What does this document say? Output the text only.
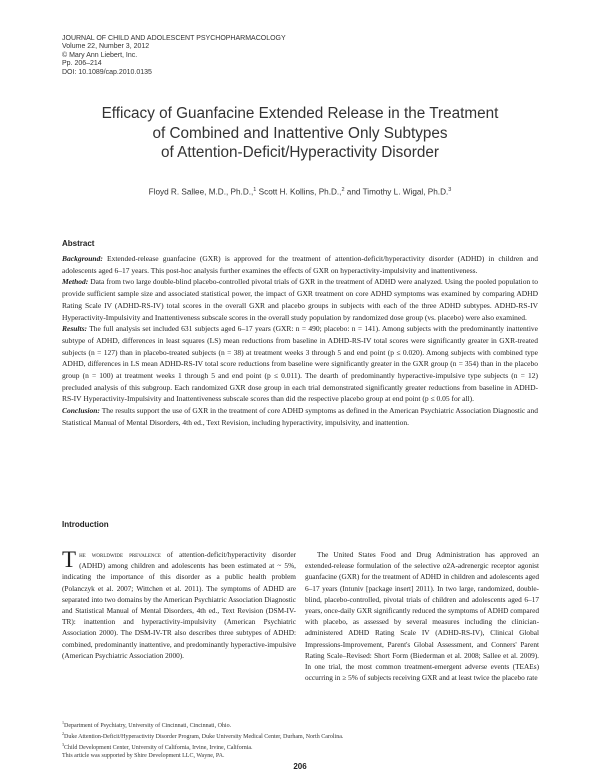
JOURNAL OF CHILD AND ADOLESCENT PSYCHOPHARMACOLOGY
Volume 22, Number 3, 2012
© Mary Ann Liebert, Inc.
Pp. 206–214
DOI: 10.1089/cap.2010.0135
Efficacy of Guanfacine Extended Release in the Treatment
of Combined and Inattentive Only Subtypes
of Attention-Deficit/Hyperactivity Disorder
Floyd R. Sallee, M.D., Ph.D.,$^1$ Scott H. Kollins, Ph.D.,$^2$ and Timothy L. Wigal, Ph.D.$^3$
Abstract

Background: Extended-release guanfacine (GXR) is approved for the treatment of attention-deficit/hyperactivity disorder (ADHD) in children and adolescents aged 6–17 years. This post-hoc analysis further examines the effects of GXR on hyperactivity-impulsivity and inattentiveness.

Method: Data from two large double-blind placebo-controlled pivotal trials of GXR in the treatment of ADHD were analyzed. Using the pooled population to provide sufficient sample size and associated statistical power, the impact of GXR treatment on core ADHD symptoms was examined by comparing ADHD Rating Scale IV (ADHD-RS-IV) total scores in the overall GXR and placebo groups in subjects with each of the three ADHD subtypes. ADHD-RS-IV Hyperactivity-Impulsivity and Inattentiveness subscale scores in the overall study population by randomized dose group (vs. placebo) were also examined.

Results: The full analysis set included 631 subjects aged 6–17 years (GXR: n = 490; placebo: n = 141). Among subjects with the predominantly inattentive subtype of ADHD, differences in least squares (LS) mean reductions from baseline in ADHD-RS-IV total scores were significantly greater in GXR-treated subjects (n = 127) than in placebo-treated subjects (n = 38) at treatment weeks 3 through 5 and end point (p ≤ 0.020). Among subjects with combined type ADHD, differences in LS mean ADHD-RS-IV total score reductions from baseline were significantly greater in the GXR group (n = 354) than in the placebo group (n = 100) at treatment weeks 1 through 5 and end point (p ≤ 0.011). The dearth of predominantly hyperactive-impulsive type subjects (n = 12) precluded analysis of this subgroup. Each randomized GXR dose group in each trial demonstrated significantly greater reductions from baseline in ADHD-RS-IV Hyperactivity-Impulsivity and Inattentiveness subscale scores than did the respective placebo group at end point (p ≤ 0.05 for all).

Conclusion: The results support the use of GXR in the treatment of core ADHD symptoms as defined in the American Psychiatric Association Diagnostic and Statistical Manual of Mental Disorders, 4th ed., Text Revision, including hyperactivity, impulsivity, and inattention.

Introduction

The worldwide prevalence of attention-deficit/hyperactivity disorder (ADHD) among children and adolescents has been estimated at ~ 5%, indicating the importance of this disorder as a public health problem (Polanczyk et al. 2007; Wittchen et al. 2011). The symptoms of ADHD are separated into two domains by the American Psychiatric Association Diagnostic and Statistical Manual of Mental Disorders, 4th ed., Text Revision (DSM-IV-TR): inattention and hyperactivity-impulsivity (American Psychiatric Association 2000). The DSM-IV-TR also describes three subtypes of ADHD: combined, predominantly inattentive, and predominantly hyperactive-impulsive (American Psychiatric Association 2000).

The United States Food and Drug Administration has approved an extended-release formulation of the selective α2A-adrenergic receptor agonist guanfacine (GXR) for the treatment of ADHD in children and adolescents aged 6–17 years (Intuniv [package insert] 2011). In two large, randomized, double-blind, placebo-controlled, pivotal trials of children and adolescents aged 6–17 years, once-daily GXR significantly reduced the symptoms of ADHD compared with placebo, as assessed by several measures including the clinician-administered ADHD Rating Scale IV (ADHD-RS-IV), Clinical Global Impressions-Improvement, Parent's Global Assessment, and Conners' Parent Rating Scale–Revised: Short Form (Biederman et al. 2008; Sallee et al. 2009). In one trial, the most common treatment-emergent adverse events (TEAEs) occurring in ≥ 5% of subjects receiving GXR and at least twice the placebo rate

$^1$Department of Psychiatry, University of Cincinnati, Cincinnati, Ohio.
$^2$Duke Attention-Deficit/Hyperactivity Disorder Program, Duke University Medical Center, Durham, North Carolina.
$^3$Child Development Center, University of California, Irvine, Irvine, California.
This article was supported by Shire Development LLC, Wayne, PA.
206
